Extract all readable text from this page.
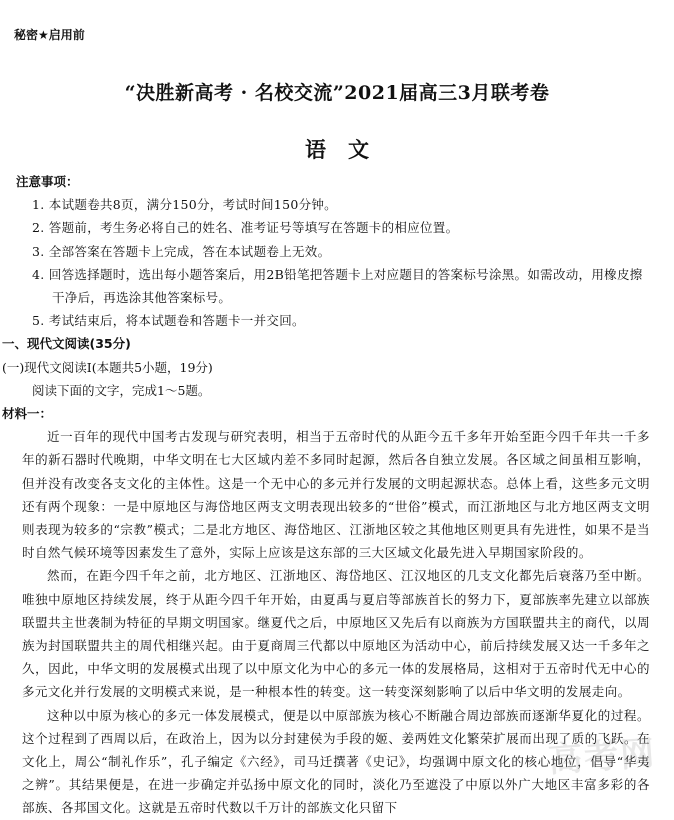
秘密★启用前
“决胜新高考 · 名校交流”2021届高三3月联考卷
语文
注意事项：
1. 本试题卷共8页，满分150分，考试时间150分钟。
2. 答题前，考生务必将自己的姓名、准考证号等填写在答题卡的相应位置。
3. 全部答案在答题卡上完成，答在本试题卷上无效。
4. 回答选择题时，选出每小题答案后，用2B铅笔把答题卡上对应题目的答案标号涂黑。如需改动，用橡皮擦干净后，再选涂其他答案标号。
5. 考试结束后，将本试题卷和答题卡一并交回。
一、现代文阅读(35分)
(一)现代文阅读Ⅰ(本题共5小题，19分)
阅读下面的文字，完成1～5题。
材料一：
近一百年的现代中国考古发现与研究表明，相当于五帝时代的从距今五千多年开始至距今四千年共一千多年的新石器时代晚期，中华文明在七大区域内差不多同时起源，然后各自独立发展。各区域之间虽相互影响，但并没有改变各支文化的主体性。这是一个无中心的多元并行发展的文明起源状态。总体上看，这些多元文明还有两个现象：一是中原地区与海岱地区两支文明表现出较多的“世俗”模式，而江浙地区与北方地区两支文明则表现为较多的“宗教”模式；二是北方地区、海岱地区、江浙地区较之其他地区则更具有先进性，如果不是当时自然气候环境等因素发生了意外，实际上应该是这东部的三大区域文化最先进入早期国家阶段的。
然而，在距今四千年之前，北方地区、江浙地区、海岱地区、江汉地区的几支文化都先后衰落乃至中断。唯独中原地区持续发展，终于从距今四千年开始，由夏禹与夏启等部族首长的努力下，夏部族率先建立以部族联盟共主世袭制为特征的早期文明国家。继夏代之后，中原地区又先后有以商族为方国联盟共主的商代，以周族为封国联盟共主的周代相继兴起。由于夏商周三代都以中原地区为活动中心，前后持续发展又达一千多年之久，因此，中华文明的发展模式出现了以中原文化为中心的多元一体的发展格局，这相对于五帝时代无中心的多元文化并行发展的文明模式来说，是一种根本性的转变。这一转变深刻影响了以后中华文明的发展走向。
这种以中原为核心的多元一体发展模式，便是以中原部族为核心不断融合周边部族而逐渐华夏化的过程。这个过程到了西周以后，在政治上，因为以分封建侯为手段的姬、姜两姓文化繁荣扩展而出现了质的飞跃。在文化上，周公“制礼作乐”，孔子编定《六经》，司马迁撰著《史记》，均强调中原文化的核心地位，倡导“华夷之辨”。其结果便是，在进一步确定并弘扬中原文化的同时，淡化乃至遮没了中原以外广大地区丰富多彩的各部族、各邦国文化。这就是五帝时代数以千万计的部族文化只留下
高考网
